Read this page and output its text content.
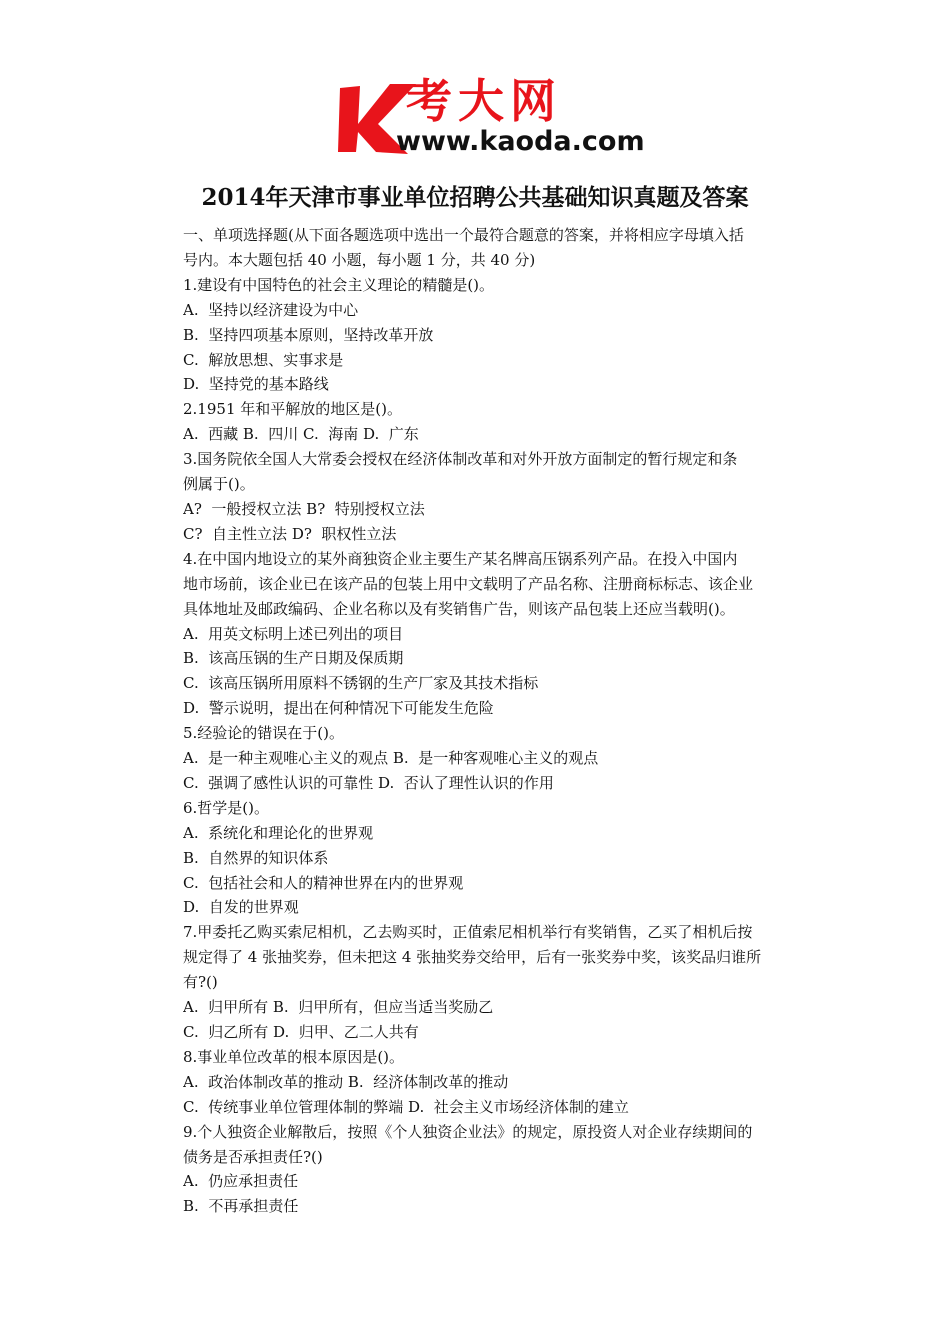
考大网
www.kaoda.com
2014年天津市事业单位招聘公共基础知识真题及答案
一、单项选择题(从下面各题选项中选出一个最符合题意的答案，并将相应字母填入括
号内。本大题包括 40 小题，每小题 1 分，共 40 分)
1.建设有中国特色的社会主义理论的精髓是()。
A.  坚持以经济建设为中心
B.  坚持四项基本原则，坚持改革开放
C.  解放思想、实事求是
D.  坚持党的基本路线
2.1951 年和平解放的地区是()。
A.  西藏 B.  四川 C.  海南 D.  广东
3.国务院依全国人大常委会授权在经济体制改革和对外开放方面制定的暂行规定和条
例属于()。
A?  一般授权立法 B?  特别授权立法
C?  自主性立法 D?  职权性立法
4.在中国内地设立的某外商独资企业主要生产某名牌高压锅系列产品。在投入中国内
地市场前，该企业已在该产品的包装上用中文载明了产品名称、注册商标标志、该企业
具体地址及邮政编码、企业名称以及有奖销售广告，则该产品包装上还应当载明()。
A.  用英文标明上述已列出的项目
B.  该高压锅的生产日期及保质期
C.  该高压锅所用原料不锈钢的生产厂家及其技术指标
D.  警示说明，提出在何种情况下可能发生危险
5.经验论的错误在于()。
A.  是一种主观唯心主义的观点 B.  是一种客观唯心主义的观点
C.  强调了感性认识的可靠性 D.  否认了理性认识的作用
6.哲学是()。
A.  系统化和理论化的世界观
B.  自然界的知识体系
C.  包括社会和人的精神世界在内的世界观
D.  自发的世界观
7.甲委托乙购买索尼相机，乙去购买时，正值索尼相机举行有奖销售，乙买了相机后按
规定得了 4 张抽奖券，但未把这 4 张抽奖券交给甲，后有一张奖券中奖，该奖品归谁所
有?()
A.  归甲所有 B.  归甲所有，但应当适当奖励乙
C.  归乙所有 D.  归甲、乙二人共有
8.事业单位改革的根本原因是()。
A.  政治体制改革的推动 B.  经济体制改革的推动
C.  传统事业单位管理体制的弊端 D.  社会主义市场经济体制的建立
9.个人独资企业解散后，按照《个人独资企业法》的规定，原投资人对企业存续期间的
债务是否承担责任?()
A.  仍应承担责任
B.  不再承担责任
